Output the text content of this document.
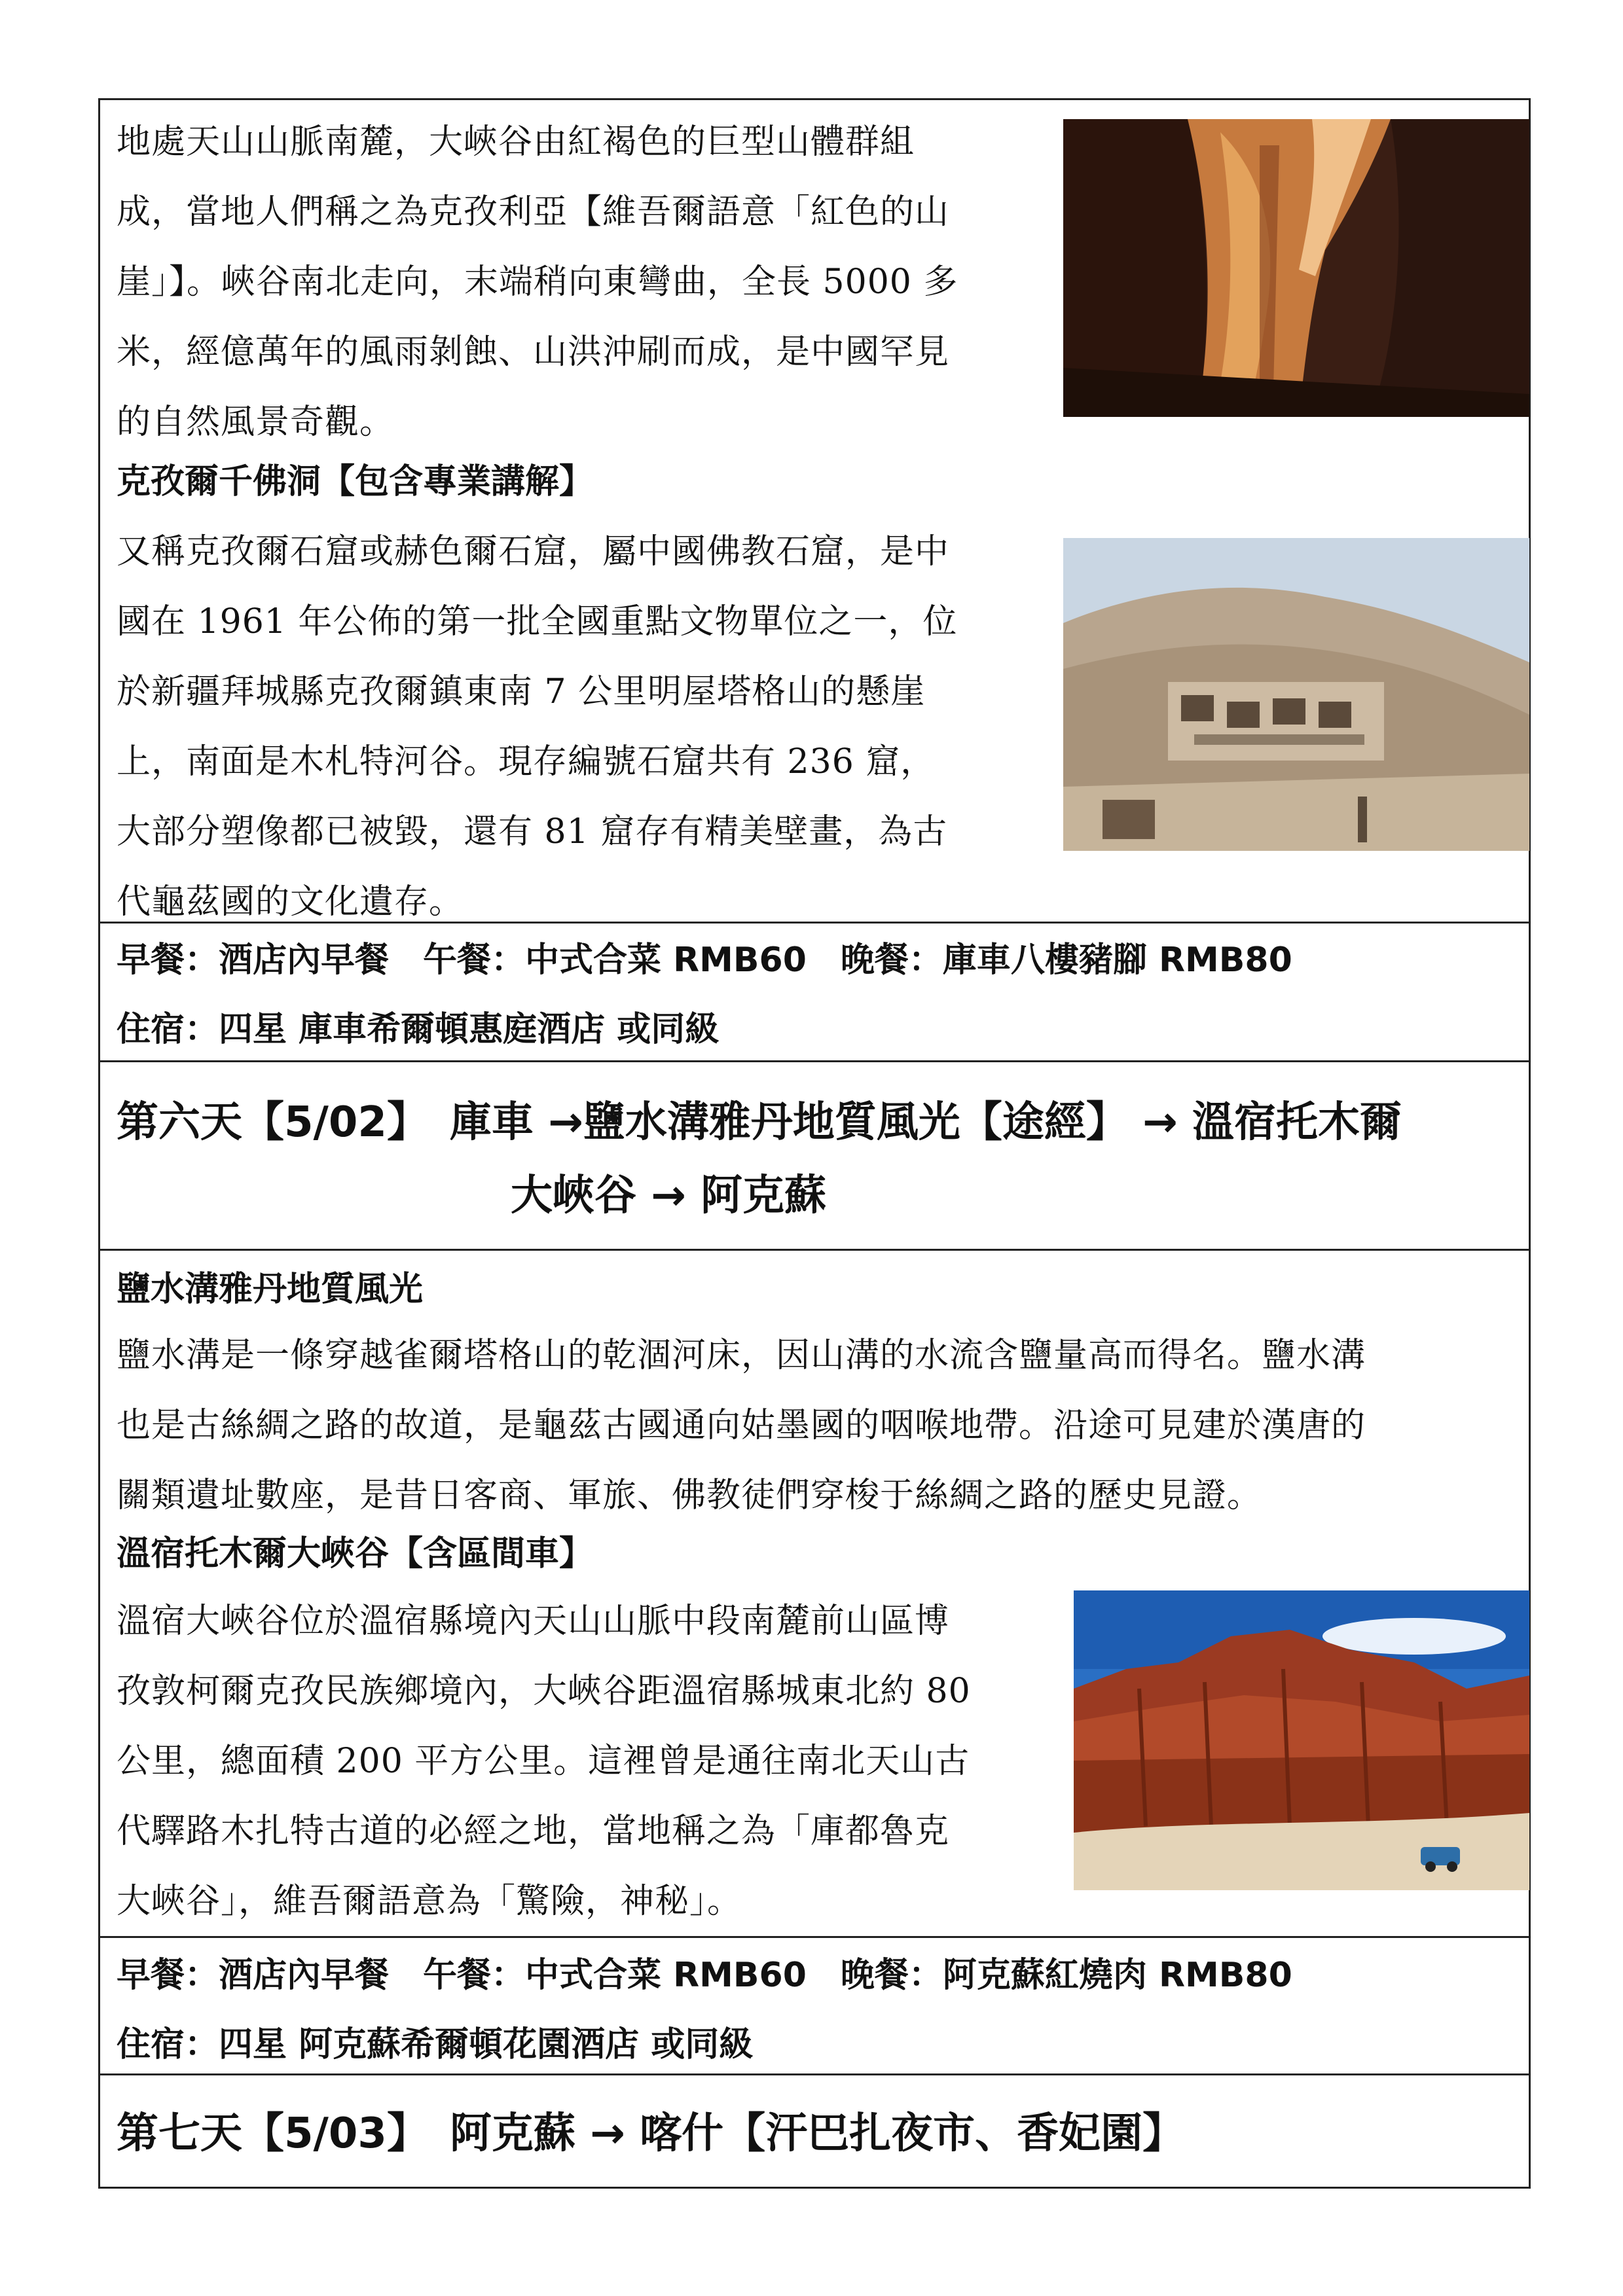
地處天山山脈南麓，大峽谷由紅褐色的巨型山體群組
成，當地人們稱之為克孜利亞【維吾爾語意「紅色的山
崖」】。峽谷南北走向，末端稍向東彎曲，全長 5000 多
米，經億萬年的風雨剝蝕、山洪沖刷而成，是中國罕見
的自然風景奇觀。
克孜爾千佛洞【包含專業講解】
又稱克孜爾石窟或赫色爾石窟，屬中國佛教石窟，是中
國在 1961 年公佈的第一批全國重點文物單位之一，位
於新疆拜城縣克孜爾鎮東南 7 公里明屋塔格山的懸崖
上，南面是木札特河谷。現存編號石窟共有 236 窟，
大部分塑像都已被毀，還有 81 窟存有精美壁畫，為古
代龜茲國的文化遺存。
早餐：酒店內早餐　午餐：中式合菜 RMB60　晚餐：庫車八樓豬腳 RMB80
住宿：四星 庫車希爾頓惠庭酒店 或同級
第六天【5/02】　庫車 →鹽水溝雅丹地質風光【途經】 → 溫宿托木爾
大峽谷 → 阿克蘇
鹽水溝雅丹地質風光
鹽水溝是一條穿越雀爾塔格山的乾涸河床，因山溝的水流含鹽量高而得名。鹽水溝
也是古絲綢之路的故道，是龜茲古國通向姑墨國的咽喉地帶。沿途可見建於漢唐的
關類遺址數座，是昔日客商、軍旅、佛教徒們穿梭于絲綢之路的歷史見證。
溫宿托木爾大峽谷【含區間車】
溫宿大峽谷位於溫宿縣境內天山山脈中段南麓前山區博
孜敦柯爾克孜民族鄉境內，大峽谷距溫宿縣城東北約 80
公里，總面積 200 平方公里。這裡曾是通往南北天山古
代驛路木扎特古道的必經之地，當地稱之為「庫都魯克
大峽谷」，維吾爾語意為「驚險，神秘」。
早餐：酒店內早餐　午餐：中式合菜 RMB60　晚餐：阿克蘇紅燒肉 RMB80
住宿：四星 阿克蘇希爾頓花園酒店 或同級
第七天【5/03】　阿克蘇 → 喀什【汗巴扎夜市、香妃園】
